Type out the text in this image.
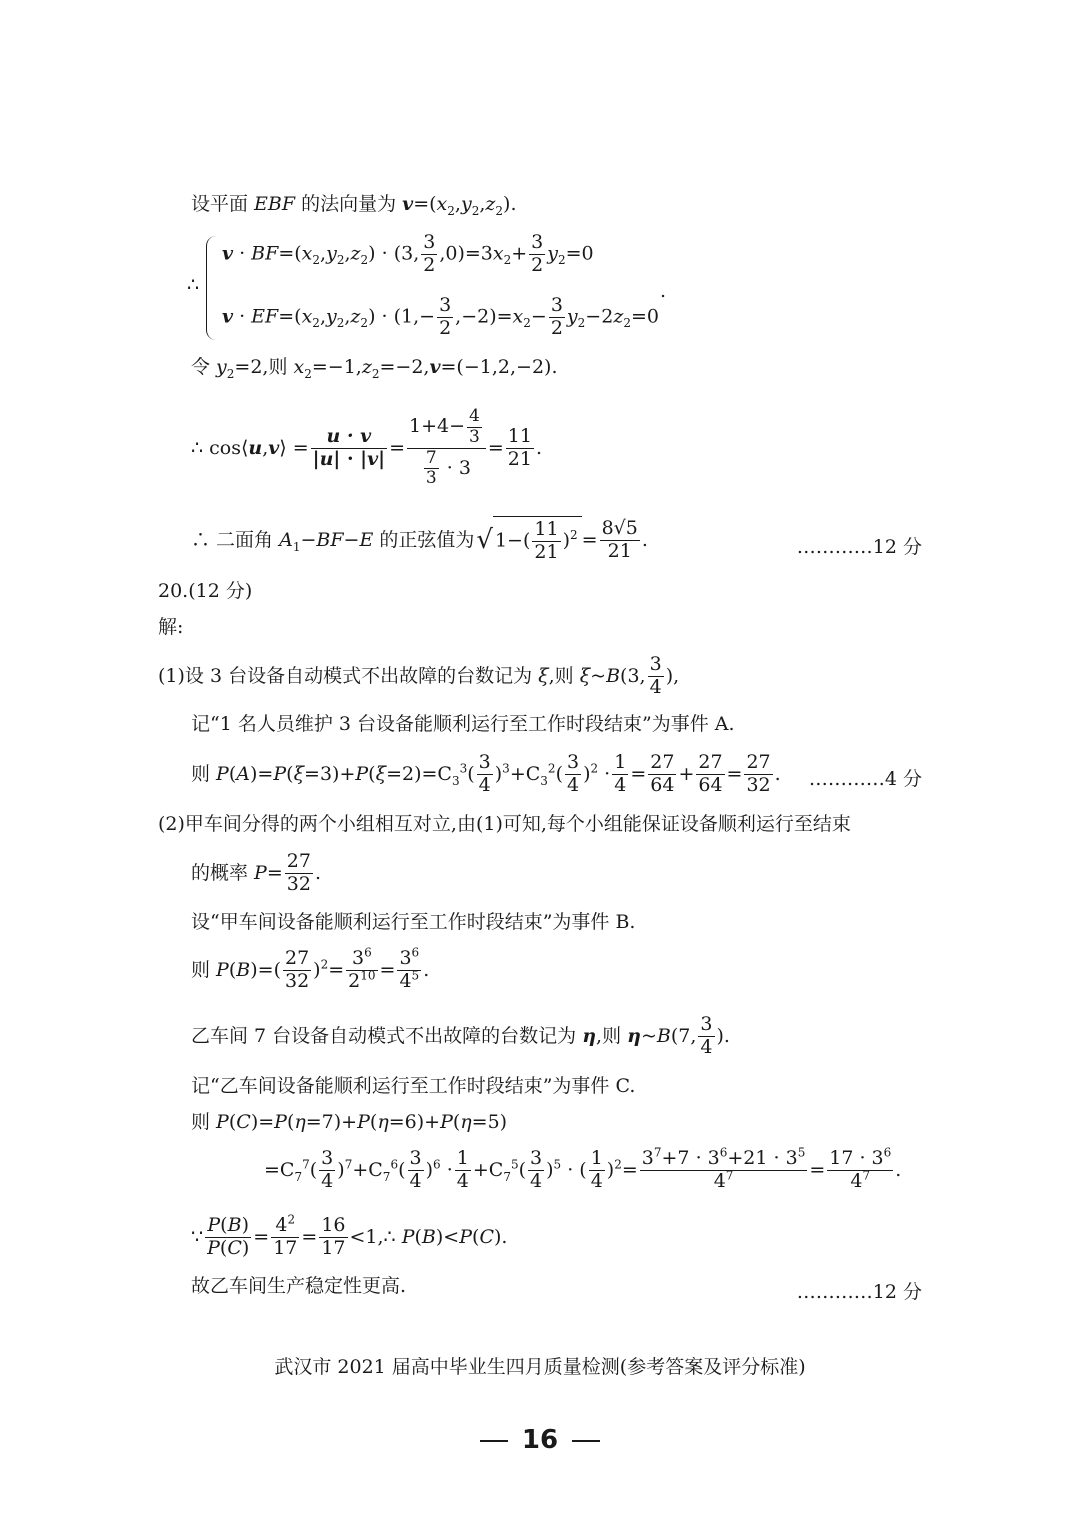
设平面 EBF 的法向量为 $v=(x_2,y_2,z_2)$.
∴
$v \cdot BF=(x_2,y_2,z_2) \cdot (3$, $\frac{3}{2} ,0)=3x_2+ \frac{3}{2} y_2=0$
$v \cdot EF=(x_2,y_2,z_2) \cdot (1,- \frac{3}{2} ,-2)=x_2- \frac{3}{2} y_2-2z_2=0$
.
令 $y_2=2$,则 $x_2=-1,z_2=-2,v=(-1,2,-2)$.
∴ cos⟨u,v⟩ = $\frac{u \cdot v}{|u| \cdot |v|} = \frac{1+4- \frac{4}{3}}{\frac{7}{3} \cdot 3} = \frac{11}{21}$ .
∴ 二面角 $A_1-BF-E$ 的正弦值为 √ $1-( \frac{11}{21} )^2 = \frac{8√5}{21}$ .	…………12 分
20.(12 分)
解:
(1)设 3 台设备自动模式不出故障的台数记为 ξ,则 ξ~B(3, $\frac{3}{4}$ ),
记“1 名人员维护 3 台设备能顺利运行至工作时段结束”为事件 A.
则 $P(A)=P(\xi=3)+P(\xi=2)=C_3^3( \frac{3}{4} )^3+C_3^2( \frac{3}{4} )^2 \cdot \frac{1}{4} = \frac{27}{64} + \frac{27}{64} = \frac{27}{32}$ . …………4 分
(2)甲车间分得的两个小组相互对立,由(1)可知,每个小组能保证设备顺利运行至结束
的概率 $P= \frac{27}{32}$ .
设“甲车间设备能顺利运行至工作时段结束”为事件 B.
则 $P(B)=( \frac{27}{32} )^2= \frac{3^6}{2^{10}} = \frac{3^6}{4^5}$ .
乙车间 7 台设备自动模式不出故障的台数记为 η,则 η~B(7, $\frac{3}{4}$ ).
记“乙车间设备能顺利运行至工作时段结束”为事件 C.
则 P(C)=P(η=7)+P(η=6)+P(η=5)
$=C_7^7( \frac{3}{4} )^7+C_7^6( \frac{3}{4} )^6 \cdot \frac{1}{4} +C_7^5( \frac{3}{4} )^5$ · ( $\frac{1}{4} )^2= \frac{3^7+7 \cdot 3^6+21 \cdot 3^5}{4^7} = \frac{17 \cdot 3^6}{4^7}$ .
∵ $\frac{P(B)}{P(C)} = \frac{4^2}{17} = \frac{16}{17}$ <1,∴ P(B)<P(C).
故乙车间生产稳定性更高.	…………12 分
武汉市 2021 届高中毕业生四月质量检测(参考答案及评分标准)
16
